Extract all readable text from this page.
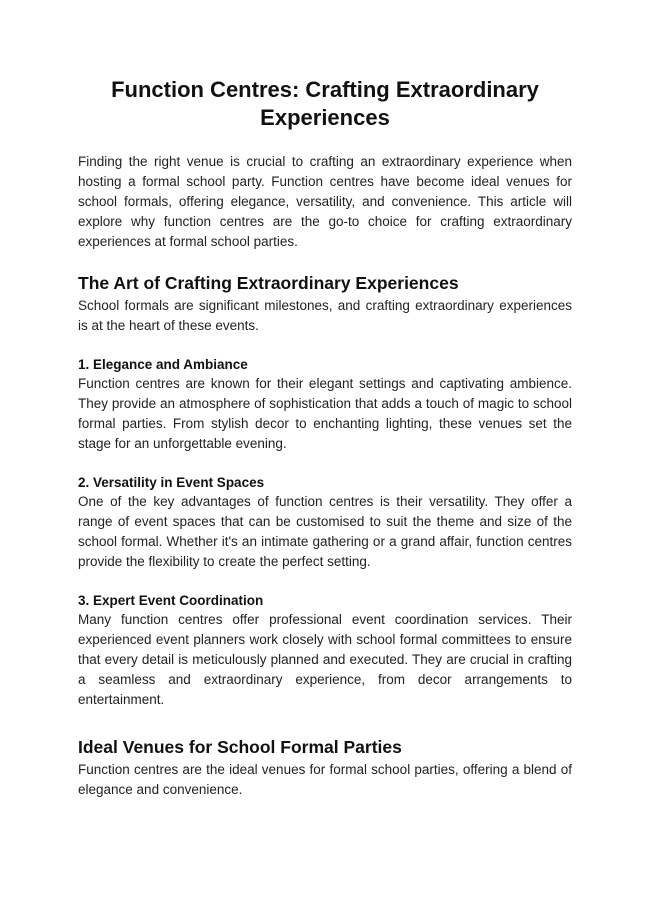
Function Centres: Crafting Extraordinary Experiences

Finding the right venue is crucial to crafting an extraordinary experience when hosting a formal school party. Function centres have become ideal venues for school formals, offering elegance, versatility, and convenience. This article will explore why function centres are the go-to choice for crafting extraordinary experiences at formal school parties.

The Art of Crafting Extraordinary Experiences

School formals are significant milestones, and crafting extraordinary experiences is at the heart of these events.

1. Elegance and Ambiance

Function centres are known for their elegant settings and captivating ambience. They provide an atmosphere of sophistication that adds a touch of magic to school formal parties. From stylish decor to enchanting lighting, these venues set the stage for an unforgettable evening.

2. Versatility in Event Spaces

One of the key advantages of function centres is their versatility. They offer a range of event spaces that can be customised to suit the theme and size of the school formal. Whether it's an intimate gathering or a grand affair, function centres provide the flexibility to create the perfect setting.

3. Expert Event Coordination

Many function centres offer professional event coordination services. Their experienced event planners work closely with school formal committees to ensure that every detail is meticulously planned and executed. They are crucial in crafting a seamless and extraordinary experience, from decor arrangements to entertainment.

Ideal Venues for School Formal Parties

Function centres are the ideal venues for formal school parties, offering a blend of elegance and convenience.
